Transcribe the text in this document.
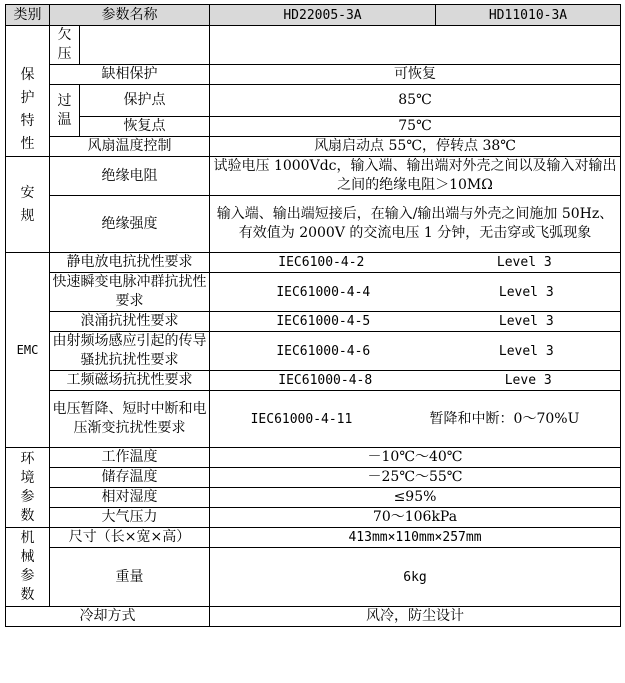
类别	参数名称		HD22005-3A	HD11010-3A

保护特性	欠压			
	缺相保护		可恢复	

	过温	保护点	85℃	
		恢复点	75℃	
	风扇温度控制		风扇启动点 55℃，停转点 38℃	

安规	绝缘电阻		试验电压 1000Vdc，输入端、输出端对外壳之间以及输入对输出之间的绝缘电阻＞10MΩ	
	绝缘强度		输入端、输出端短接后，在输入/输出端与外壳之间施加 50Hz、有效值为 2000V 的交流电压 1 分钟，无击穿或飞弧现象	
EMC	静电放电抗扰性要求		IEC6100-4-2 Level 3	

	快速瞬变电脉冲群抗扰性要求		IEC61000-4-4 Level 3	

	浪涌抗扰性要求		IEC61000-4-5 Level 3	

	由射频场感应引起的传导骚扰抗扰性要求		IEC61000-4-6 Level 3	

	工频磁场抗扰性要求		IEC61000-4-8 Leve 3	

	电压暂降、短时中断和电压渐变抗扰性要求		IEC61000-4-11 暂降和中断：0～70%U	

环境参数	工作温度		－10℃～40℃	
	储存温度		－25℃～55℃	
	相对湿度		≤95%	
	大气压力		70～106kPa	

机械参数	尺寸（长×宽×高）		413mm×110mm×257mm	
	重量		6kg	
冷却方式			风冷，防尘设计	
